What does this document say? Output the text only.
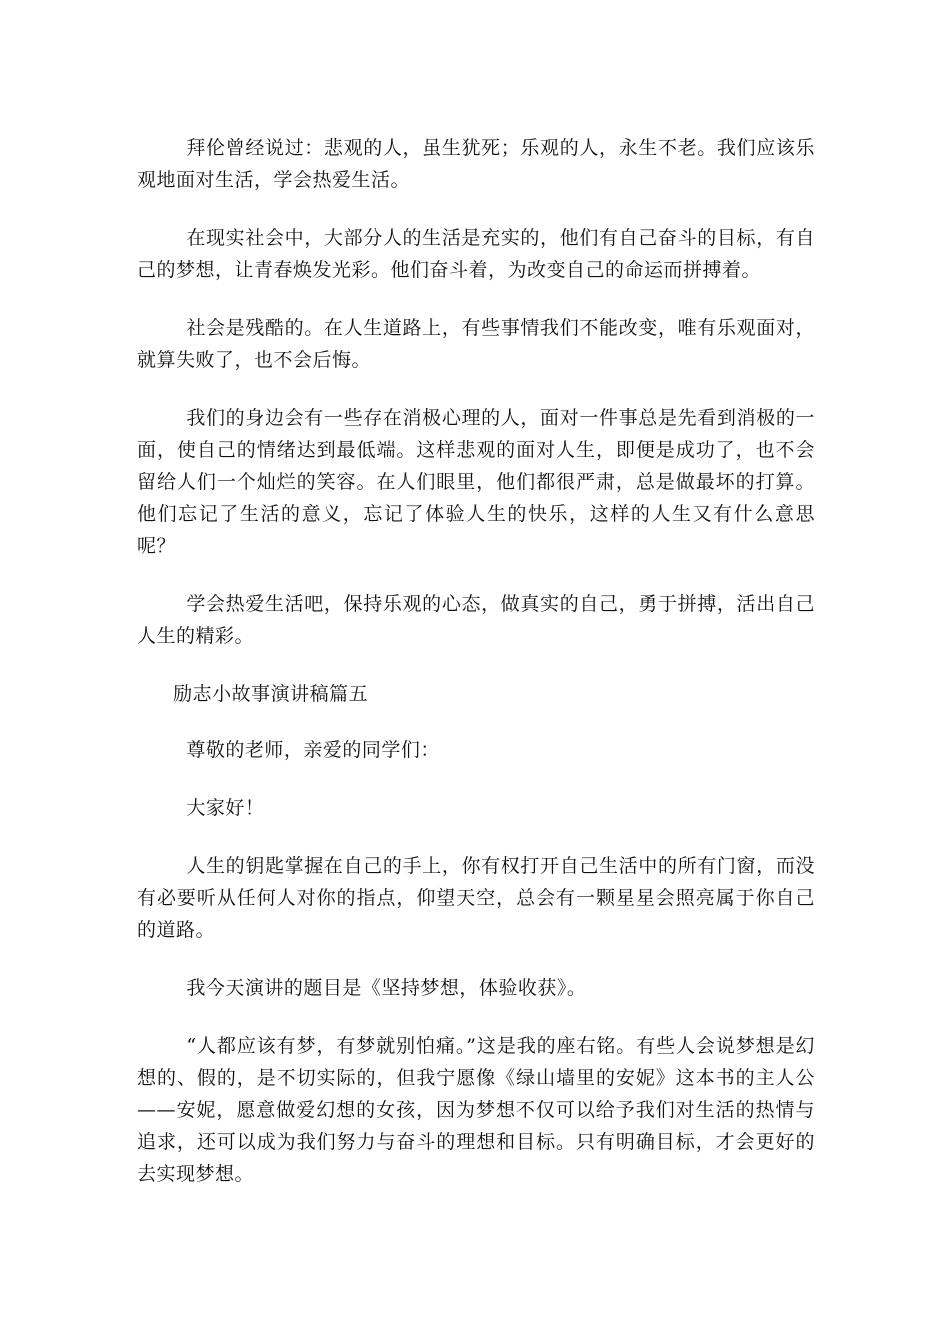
拜伦曾经说过：悲观的人，虽生犹死；乐观的人，永生不老。我们应该乐观地面对生活，学会热爱生活。

在现实社会中，大部分人的生活是充实的，他们有自己奋斗的目标，有自己的梦想，让青春焕发光彩。他们奋斗着，为改变自己的命运而拼搏着。

社会是残酷的。在人生道路上，有些事情我们不能改变，唯有乐观面对，就算失败了，也不会后悔。

我们的身边会有一些存在消极心理的人，面对一件事总是先看到消极的一面，使自己的情绪达到最低端。这样悲观的面对人生，即便是成功了，也不会留给人们一个灿烂的笑容。在人们眼里，他们都很严肃，总是做最坏的打算。他们忘记了生活的意义，忘记了体验人生的快乐，这样的人生又有什么意思呢？

学会热爱生活吧，保持乐观的心态，做真实的自己，勇于拼搏，活出自己人生的精彩。

励志小故事演讲稿篇五

尊敬的老师，亲爱的同学们：

大家好！

人生的钥匙掌握在自己的手上，你有权打开自己生活中的所有门窗，而没有必要听从任何人对你的指点，仰望天空，总会有一颗星星会照亮属于你自己的道路。

我今天演讲的题目是《坚持梦想，体验收获》。

“人都应该有梦，有梦就别怕痛。”这是我的座右铭。有些人会说梦想是幻想的、假的，是不切实际的，但我宁愿像《绿山墙里的安妮》这本书的主人公——安妮，愿意做爱幻想的女孩，因为梦想不仅可以给予我们对生活的热情与追求，还可以成为我们努力与奋斗的理想和目标。只有明确目标，才会更好的去实现梦想。
